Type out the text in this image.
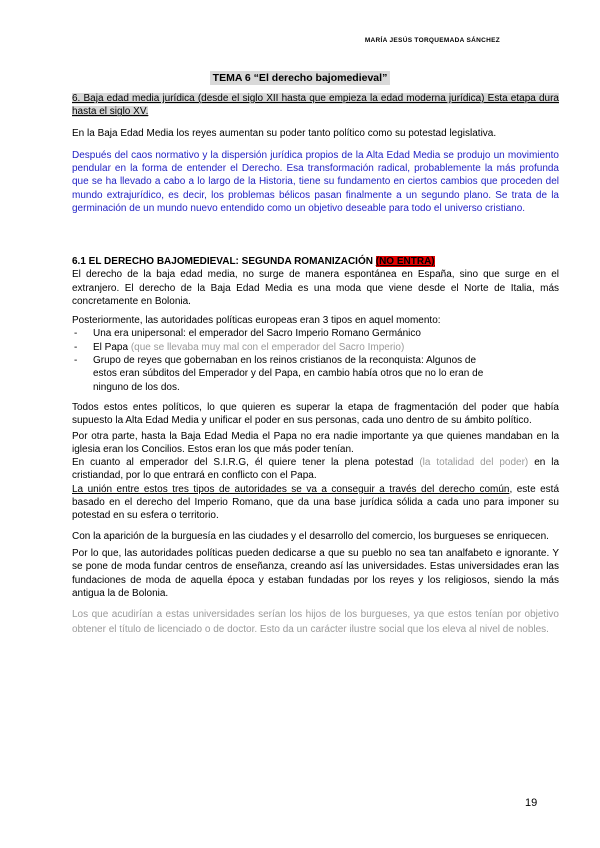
MARÍA JESÚS TORQUEMADA SÁNCHEZ
TEMA 6 “El derecho bajomedieval”

6. Baja edad media jurídica (desde el siglo XII hasta que empieza la edad moderna jurídica) Esta etapa dura hasta el siglo XV.

En la Baja Edad Media los reyes aumentan su poder tanto político como su potestad legislativa.

Después del caos normativo y la dispersión jurídica propios de la Alta Edad Media se produjo un movimiento pendular en la forma de entender el Derecho. Esa transformación radical, probablemente la más profunda que se ha llevado a cabo a lo largo de la Historia, tiene su fundamento en ciertos cambios que proceden del mundo extrajurídico, es decir, los problemas bélicos pasan finalmente a un segundo plano. Se trata de la germinación de un mundo nuevo entendido como un objetivo deseable para todo el universo cristiano.

6.1 EL DERECHO BAJOMEDIEVAL: SEGUNDA ROMANIZACIÓN (NO ENTRA)

El derecho de la baja edad media, no surge de manera espontánea en España, sino que surge en el extranjero. El derecho de la Baja Edad Media es una moda que viene desde el Norte de Italia, más concretamente en Bolonia.

Posteriormente, las autoridades políticas europeas eran 3 tipos en aquel momento:

- Una era unipersonal: el emperador del Sacro Imperio Romano Germánico
- El Papa (que se llevaba muy mal con el emperador del Sacro Imperio)
- Grupo de reyes que gobernaban en los reinos cristianos de la reconquista: Algunos de estos eran súbditos del Emperador y del Papa, en cambio había otros que no lo eran de ninguno de los dos.

Todos estos entes políticos, lo que quieren es superar la etapa de fragmentación del poder que había supuesto la Alta Edad Media y unificar el poder en sus personas, cada uno dentro de su ámbito político.

Por otra parte, hasta la Baja Edad Media el Papa no era nadie importante ya que quienes mandaban en la iglesia eran los Concilios. Estos eran los que más poder tenían.

En cuanto al emperador del S.I.R.G, él quiere tener la plena potestad (la totalidad del poder) en la cristiandad, por lo que entrará en conflicto con el Papa.

La unión entre estos tres tipos de autoridades se va a conseguir a través del derecho común, este está basado en el derecho del Imperio Romano, que da una base jurídica sólida a cada uno para imponer su potestad en su esfera o territorio.

Con la aparición de la burguesía en las ciudades y el desarrollo del comercio, los burgueses se enriquecen.

Por lo que, las autoridades políticas pueden dedicarse a que su pueblo no sea tan analfabeto e ignorante. Y se pone de moda fundar centros de enseñanza, creando así las universidades. Estas universidades eran las fundaciones de moda de aquella época y estaban fundadas por los reyes y los religiosos, siendo la más antigua la de Bolonia.

Los que acudirían a estas universidades serían los hijos de los burgueses, ya que estos tenían por objetivo obtener el título de licenciado o de doctor. Esto da un carácter ilustre social que los eleva al nivel de nobles.

19
